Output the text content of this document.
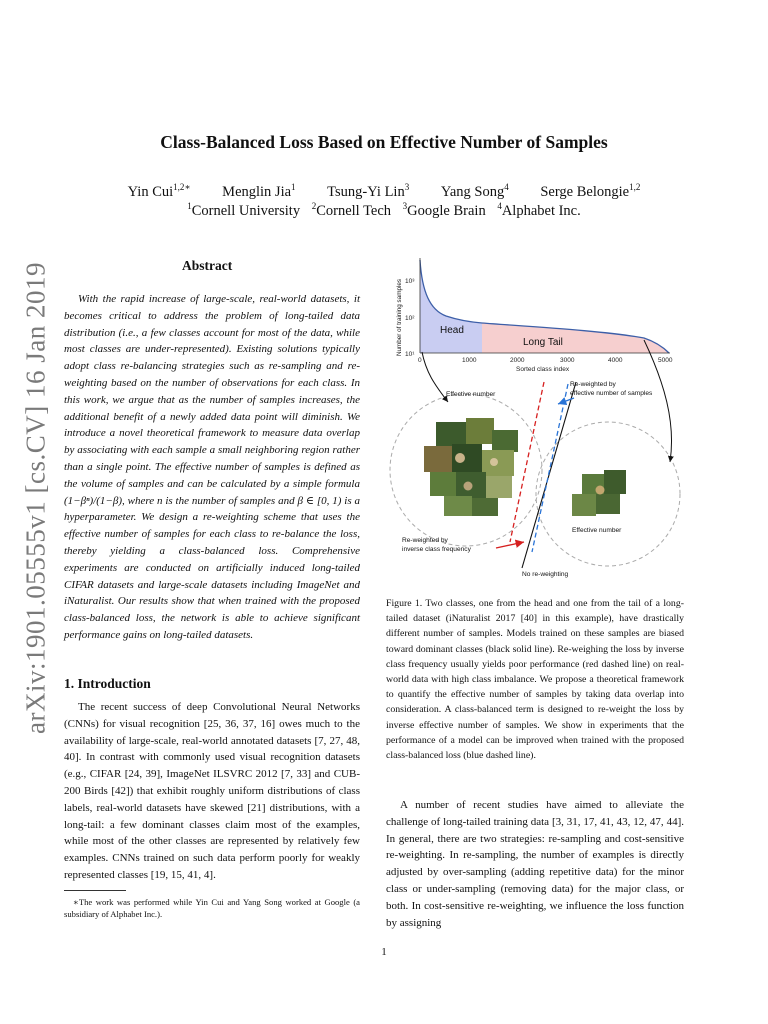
arXiv:1901.05555v1 [cs.CV] 16 Jan 2019
Class-Balanced Loss Based on Effective Number of Samples
Yin Cui$^{1,2∗}$ Menglin Jia$^1$ Tsung-Yi Lin$^3$ Yang Song$^4$ Serge Belongie$^{1,2}$
$^1$Cornell University $^2$Cornell Tech $^3$Google Brain $^4$Alphabet Inc.
Abstract

With the rapid increase of large-scale, real-world datasets, it becomes critical to address the problem of long-tailed data distribution (i.e., a few classes account for most of the data, while most classes are under-represented). Existing solutions typically adopt class re-balancing strategies such as re-sampling and re-weighting based on the number of observations for each class. In this work, we argue that as the number of samples increases, the additional benefit of a newly added data point will diminish. We introduce a novel theoretical framework to measure data overlap by associating with each sample a small neighboring region rather than a single point. The effective number of samples is defined as the volume of samples and can be calculated by a simple formula (1−βⁿ)/(1−β), where n is the number of samples and β ∈ [0, 1) is a hyperparameter. We design a re-weighting scheme that uses the effective number of samples for each class to re-balance the loss, thereby yielding a class-balanced loss. Comprehensive experiments are conducted on artificially induced long-tailed CIFAR datasets and large-scale datasets including ImageNet and iNaturalist. Our results show that when trained with the proposed class-balanced loss, the network is able to achieve significant performance gains on long-tailed datasets.

1. Introduction

The recent success of deep Convolutional Neural Networks (CNNs) for visual recognition [25, 36, 37, 16] owes much to the availability of large-scale, real-world annotated datasets [7, 27, 48, 40]. In contrast with commonly used visual recognition datasets (e.g., CIFAR [24, 39], ImageNet ILSVRC 2012 [7, 33] and CUB-200 Birds [42]) that exhibit roughly uniform distributions of class labels, real-world datasets have skewed [21] distributions, with a long-tail: a few dominant classes claim most of the examples, while most of the other classes are represented by relatively few examples. CNNs trained on such data perform poorly for weakly represented classes [19, 15, 41, 4].

∗The work was performed while Yin Cui and Yang Song worked at Google (a subsidiary of Alphabet Inc.).

Number of training samples 10³
10²
10¹
0	1000	2000	3000	4000	5000
Sorted class index
Head
Long Tail
Effective number
Re-weighted by
effective number of samples
Effective number
Re-weighted by
inverse class frequency
No re-weighting

Figure 1. Two classes, one from the head and one from the tail of a long-tailed dataset (iNaturalist 2017 [40] in this example), have drastically different number of samples. Models trained on these samples are biased toward dominant classes (black solid line). Re-weighing the loss by inverse class frequency usually yields poor performance (red dashed line) on real-world data with high class imbalance. We propose a theoretical framework to quantify the effective number of samples by taking data overlap into consideration. A class-balanced term is designed to re-weight the loss by inverse effective number of samples. We show in experiments that the performance of a model can be improved when trained with the proposed class-balanced loss (blue dashed line).

A number of recent studies have aimed to alleviate the challenge of long-tailed training data [3, 31, 17, 41, 43, 12, 47, 44]. In general, there are two strategies: re-sampling and cost-sensitive re-weighting. In re-sampling, the number of examples is directly adjusted by over-sampling (adding repetitive data) for the minor class or under-sampling (removing data) for the major class, or both. In cost-sensitive re-weighting, we influence the loss function by assigning

1
